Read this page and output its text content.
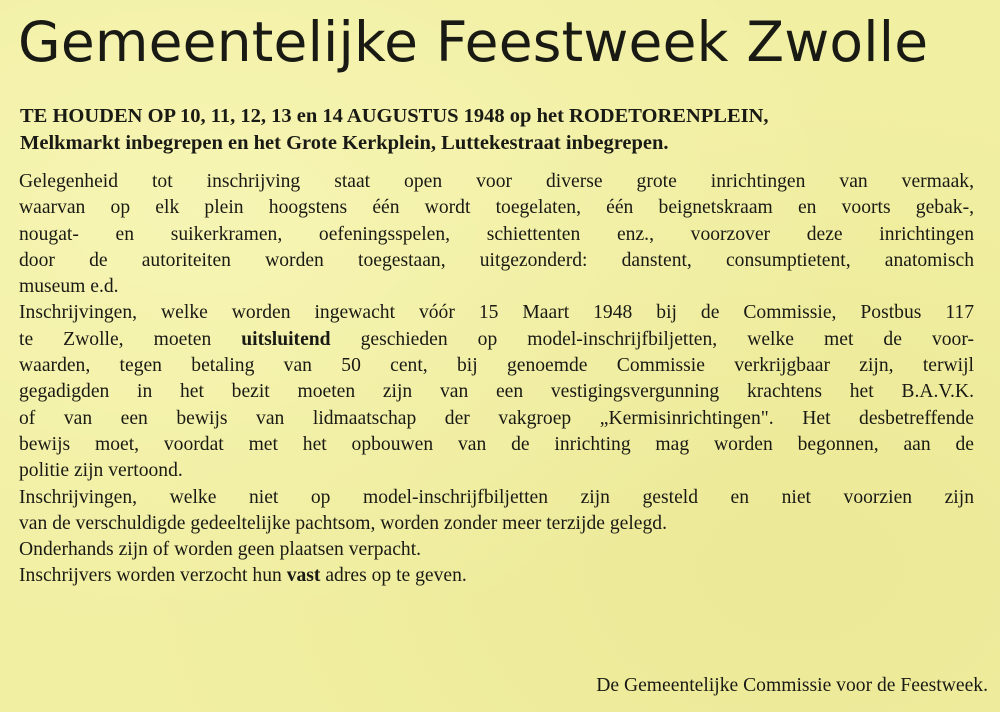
Gemeentelijke Feestweek Zwolle
TE HOUDEN OP 10, 11, 12, 13 en 14 AUGUSTUS 1948 op het RODETORENPLEIN,
Melkmarkt inbegrepen en het Grote Kerkplein, Luttekestraat inbegrepen.
Gelegenheid tot inschrijving staat open voor diverse grote inrichtingen van vermaak,
waarvan op elk plein hoogstens één wordt toegelaten, één beignetskraam en voorts gebak-,
nougat- en suikerkramen, oefeningsspelen, schiettenten enz., voorzover deze inrichtingen
door de autoriteiten worden toegestaan, uitgezonderd: danstent, consumptietent, anatomisch
museum e.d.
Inschrijvingen, welke worden ingewacht vóór 15 Maart 1948 bij de Commissie, Postbus 117
te Zwolle, moeten uitsluitend geschieden op model-inschrijfbiljetten, welke met de voor-
waarden, tegen betaling van 50 cent, bij genoemde Commissie verkrijgbaar zijn, terwijl
gegadigden in het bezit moeten zijn van een vestigingsvergunning krachtens het B.A.V.K.
of van een bewijs van lidmaatschap der vakgroep „Kermisinrichtingen". Het desbetreffende
bewijs moet, voordat met het opbouwen van de inrichting mag worden begonnen, aan de
politie zijn vertoond.
Inschrijvingen, welke niet op model-inschrijfbiljetten zijn gesteld en niet voorzien zijn
van de verschuldigde gedeeltelijke pachtsom, worden zonder meer terzijde gelegd.
Onderhands zijn of worden geen plaatsen verpacht.
Inschrijvers worden verzocht hun vast adres op te geven.
De Gemeentelijke Commissie voor de Feestweek.
